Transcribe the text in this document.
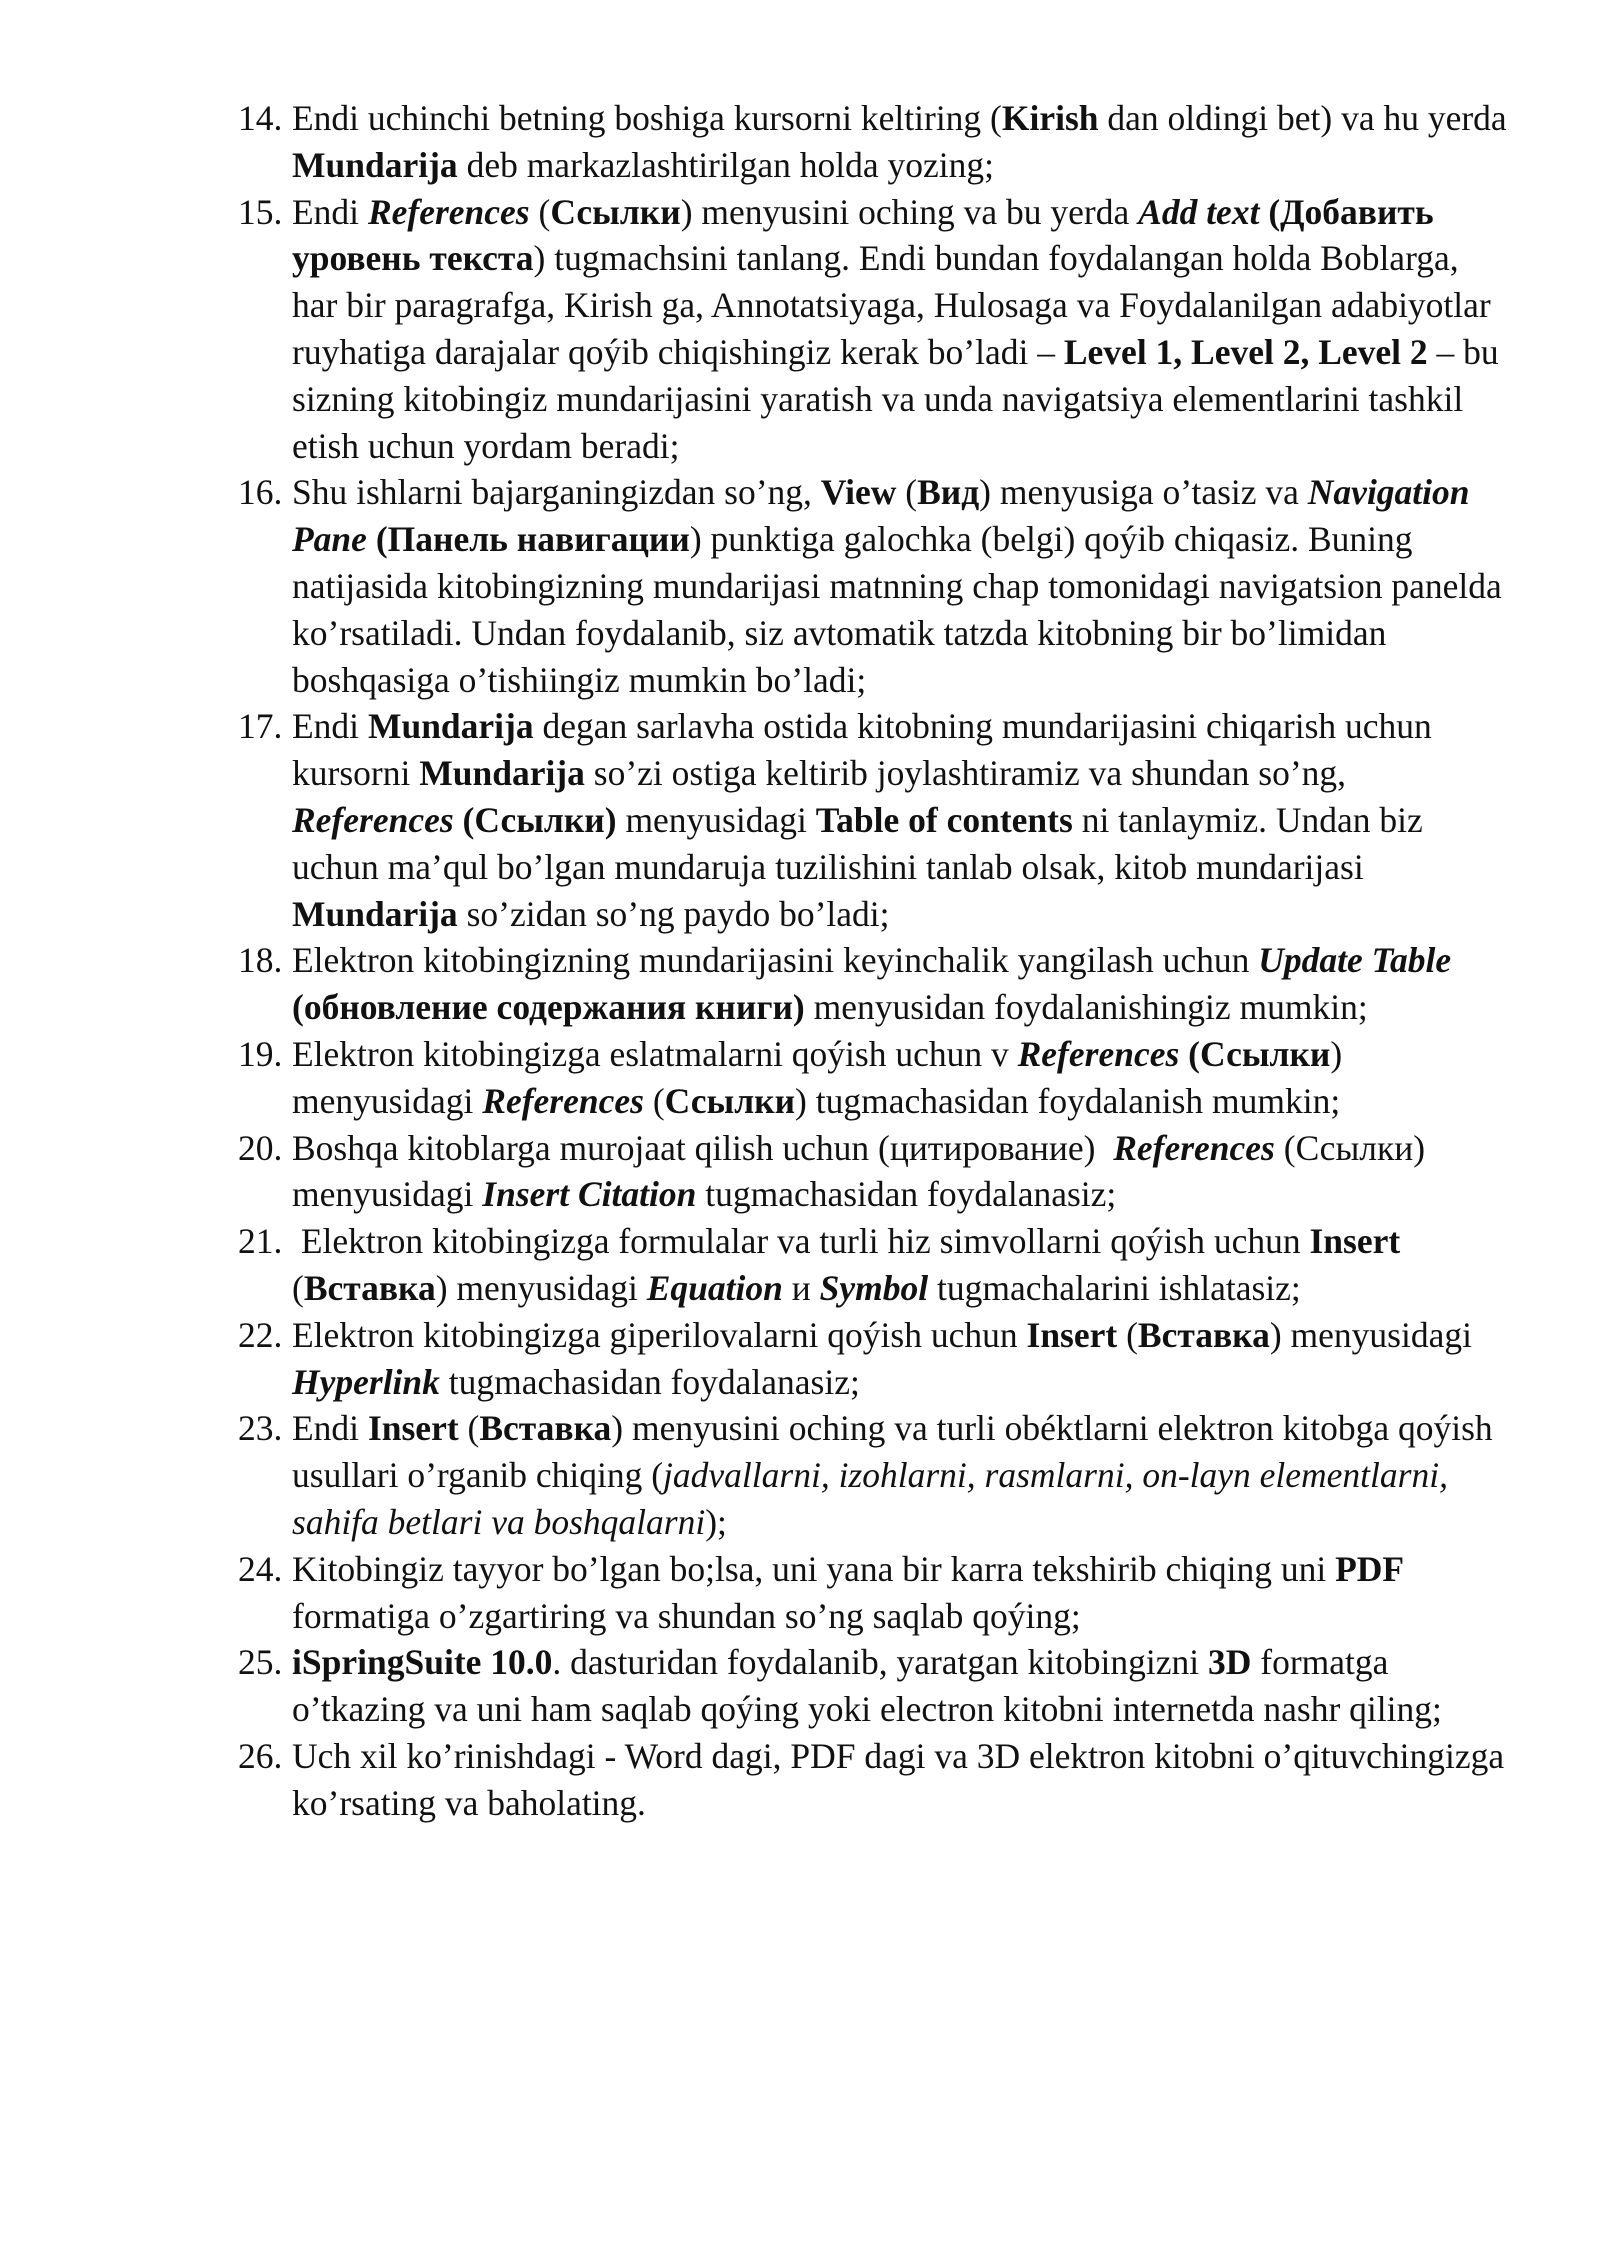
14. Endi uchinchi betning boshiga kursorni keltiring (Kirish dan oldingi bet) va hu yerda Mundarija deb markazlashtirilgan holda yozing;
15. Endi References (Ссылки) menyusini oching va bu yerda Add text (Добавить уровень текста) tugmachsini tanlang. Endi bundan foydalangan holda Boblarga, har bir paragrafga, Kirish ga, Annotatsiyaga, Hulosaga va Foydalanilgan adabiyotlar ruyhatiga darajalar qoýib chiqishingiz kerak bo’ladi – Level 1, Level 2, Level 2 – bu sizning kitobingiz mundarijasini yaratish va unda navigatsiya elementlarini tashkil etish uchun yordam beradi;
16. Shu ishlarni bajarganingizdan so’ng, View (Вид) menyusiga o’tasiz va Navigation Pane (Панель навигации) punktiga galochka (belgi) qoýib chiqasiz. Buning natijasida kitobingizning mundarijasi matnning chap tomonidagi navigatsion panelda ko’rsatiladi. Undan foydalanib, siz avtomatik tatzda kitobning bir bo’limidan boshqasiga o’tishiingiz mumkin bo’ladi;
17. Endi Mundarija degan sarlavha ostida kitobning mundarijasini chiqarish uchun kursorni Mundarija so’zi ostiga keltirib joylashtiramiz va shundan so’ng, References (Ссылки) menyusidagi Table of contents ni tanlaymiz. Undan biz uchun ma’qul bo’lgan mundaruja tuzilishini tanlab olsak, kitob mundarijasi Mundarija so’zidan so’ng paydo bo’ladi;
18. Elektron kitobingizning mundarijasini keyinchalik yangilash uchun Update Table (обновление содержания книги) menyusidan foydalanishingiz mumkin;
19. Elektron kitobingizga eslatmalarni qoýish uchun v References (Ссылки) menyusidagi References (Ссылки) tugmachasidan foydalanish mumkin;
20. Boshqa kitoblarga murojaat qilish uchun (цитирование)  References (Ссылки) menyusidagi Insert Citation tugmachasidan foydalanasiz;
21. Elektron kitobingizga formulalar va turli hiz simvollarni qoýish uchun Insert (Вставка) menyusidagi Equation и Symbol tugmachalarini ishlatasiz;
22. Elektron kitobingizga giperilovalarni qoýish uchun Insert (Вставка) menyusidagi Hyperlink tugmachasidan foydalanasiz;
23. Endi Insert (Вставка) menyusini oching va turli obéktlarni elektron kitobga qoýish usullari o’rganib chiqing (jadvallarni, izohlarni, rasmlarni, on-layn elementlarni, sahifa betlari va boshqalarni);
24. Kitobingiz tayyor bo’lgan bo;lsa, uni yana bir karra tekshirib chiqing uni PDF formatiga o’zgartiring va shundan so’ng saqlab qoýing;
25. iSpringSuite 10.0. dasturidan foydalanib, yaratgan kitobingizni 3D formatga o’tkazing va uni ham saqlab qoýing yoki electron kitobni internetda nashr qiling;
26. Uch xil ko’rinishdagi - Word dagi, PDF dagi va 3D elektron kitobni o’qituvchingizga ko’rsating va baholating.
